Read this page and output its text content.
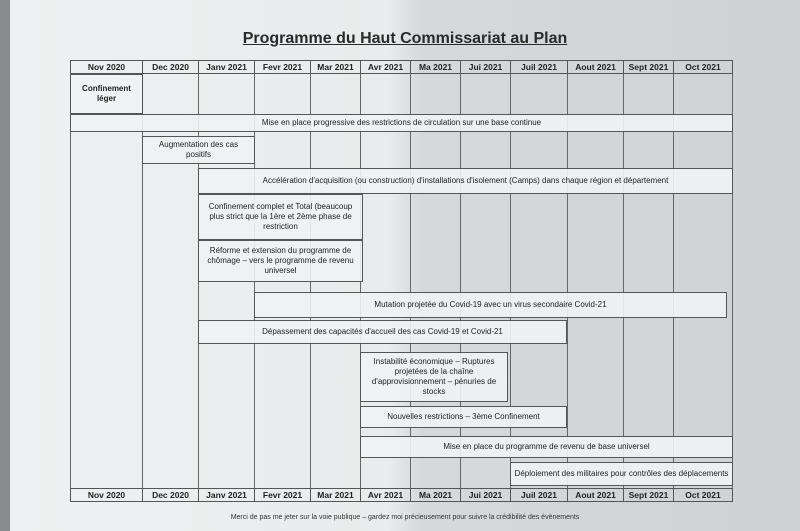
Programme du Haut Commissariat au Plan
Nov 2020	Dec 2020	Janv 2021	Fevr 2021	Mar 2021	Avr 2021	Ma 2021	Jui 2021	Juil 2021	Aout 2021	Sept 2021	Oct 2021
Nov 2020	Dec 2020	Janv 2021	Fevr 2021	Mar 2021	Avr 2021	Ma 2021	Jui 2021	Juil 2021	Aout 2021	Sept 2021	Oct 2021
Confinement léger
Mise en place progressive des restrictions de circulation sur une base continue
Augmentation des cas positifs
Accélération d'acquisition (ou construction) d'installations d'isolement (Camps) dans chaque région et département
Confinement complet et Total (beaucoup plus strict que la 1ère et 2ème phase de restriction
Réforme et extension du programme de chômage – vers le programme de revenu universel
Mutation projetée du Covid-19 avec un virus secondaire Covid-21
Dépassement des capacités d'accueil des cas Covid-19 et Covid-21
Instabilité économique – Ruptures projetées de la chaîne d'approvisionnement – pénuries de stocks
Nouvelles restrictions – 3ème Confinement
Mise en place du programme de revenu de base universel
Déploiement des militaires pour contrôles des déplacements
Merci de pas me jeter sur la voie publique – gardez moi précieusement pour suivre la crédibilité des évènements
